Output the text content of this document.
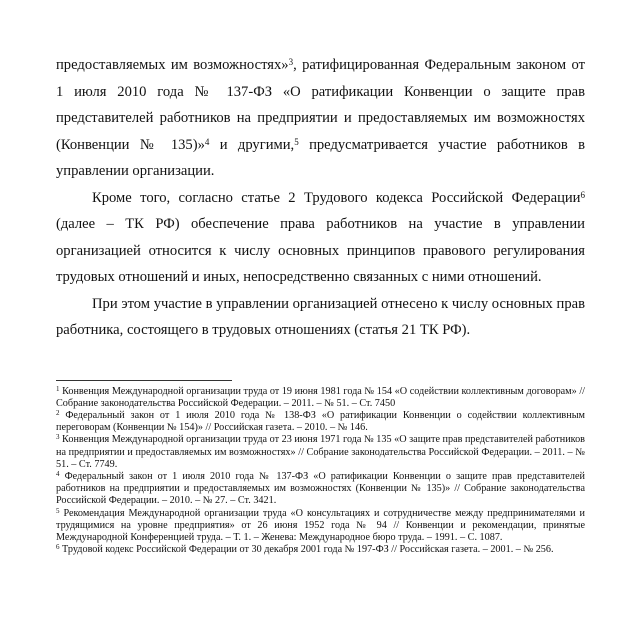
предоставляемых им возможностях»$^3$, ратифицированная Федеральным законом от 1 июля 2010 года № 137-ФЗ «О ратификации Конвенции о защите прав представителей работников на предприятии и предоставляемых им возможностях (Конвенции № 135)»$^4$ и другими,$^5$ предусматривается участие работников в управлении организации.

Кроме того, согласно статье 2 Трудового кодекса Российской Федерации$^6$ (далее – ТК РФ) обеспечение права работников на участие в управлении организацией относится к числу основных принципов правового регулирования трудовых отношений и иных, непосредственно связанных с ними отношений.

При этом участие в управлении организацией отнесено к числу основных прав работника, состоящего в трудовых отношениях (статья 21 ТК РФ).

$^1$ Конвенция Международной организации труда от 19 июня 1981 года № 154 «О содействии коллективным договорам» // Собрание законодательства Российской Федерации. – 2011. – № 51. – Ст. 7450

$^2$ Федеральный закон от 1 июля 2010 года № 138-ФЗ «О ратификации Конвенции о содействии коллективным переговорам (Конвенции № 154)» // Российская газета. – 2010. – № 146.

$^3$ Конвенция Международной организации труда от 23 июня 1971 года № 135 «О защите прав представителей работников на предприятии и предоставляемых им возможностях» // Собрание законодательства Российской Федерации. – 2011. – № 51. – Ст. 7749.

$^4$ Федеральный закон от 1 июля 2010 года № 137-ФЗ «О ратификации Конвенции о защите прав представителей работников на предприятии и предоставляемых им возможностях (Конвенции № 135)» // Собрание законодательства Российской Федерации. – 2010. – № 27. – Ст. 3421.

$^5$ Рекомендация Международной организации труда «О консультациях и сотрудничестве между предпринимателями и трудящимися на уровне предприятия» от 26 июня 1952 года № 94 // Конвенции и рекомендации, принятые Международной Конференцией труда. – Т. 1. – Женева: Международное бюро труда. – 1991. – С. 1087.

$^6$ Трудовой кодекс Российской Федерации от 30 декабря 2001 года № 197-ФЗ // Российская газета. – 2001. – № 256.
